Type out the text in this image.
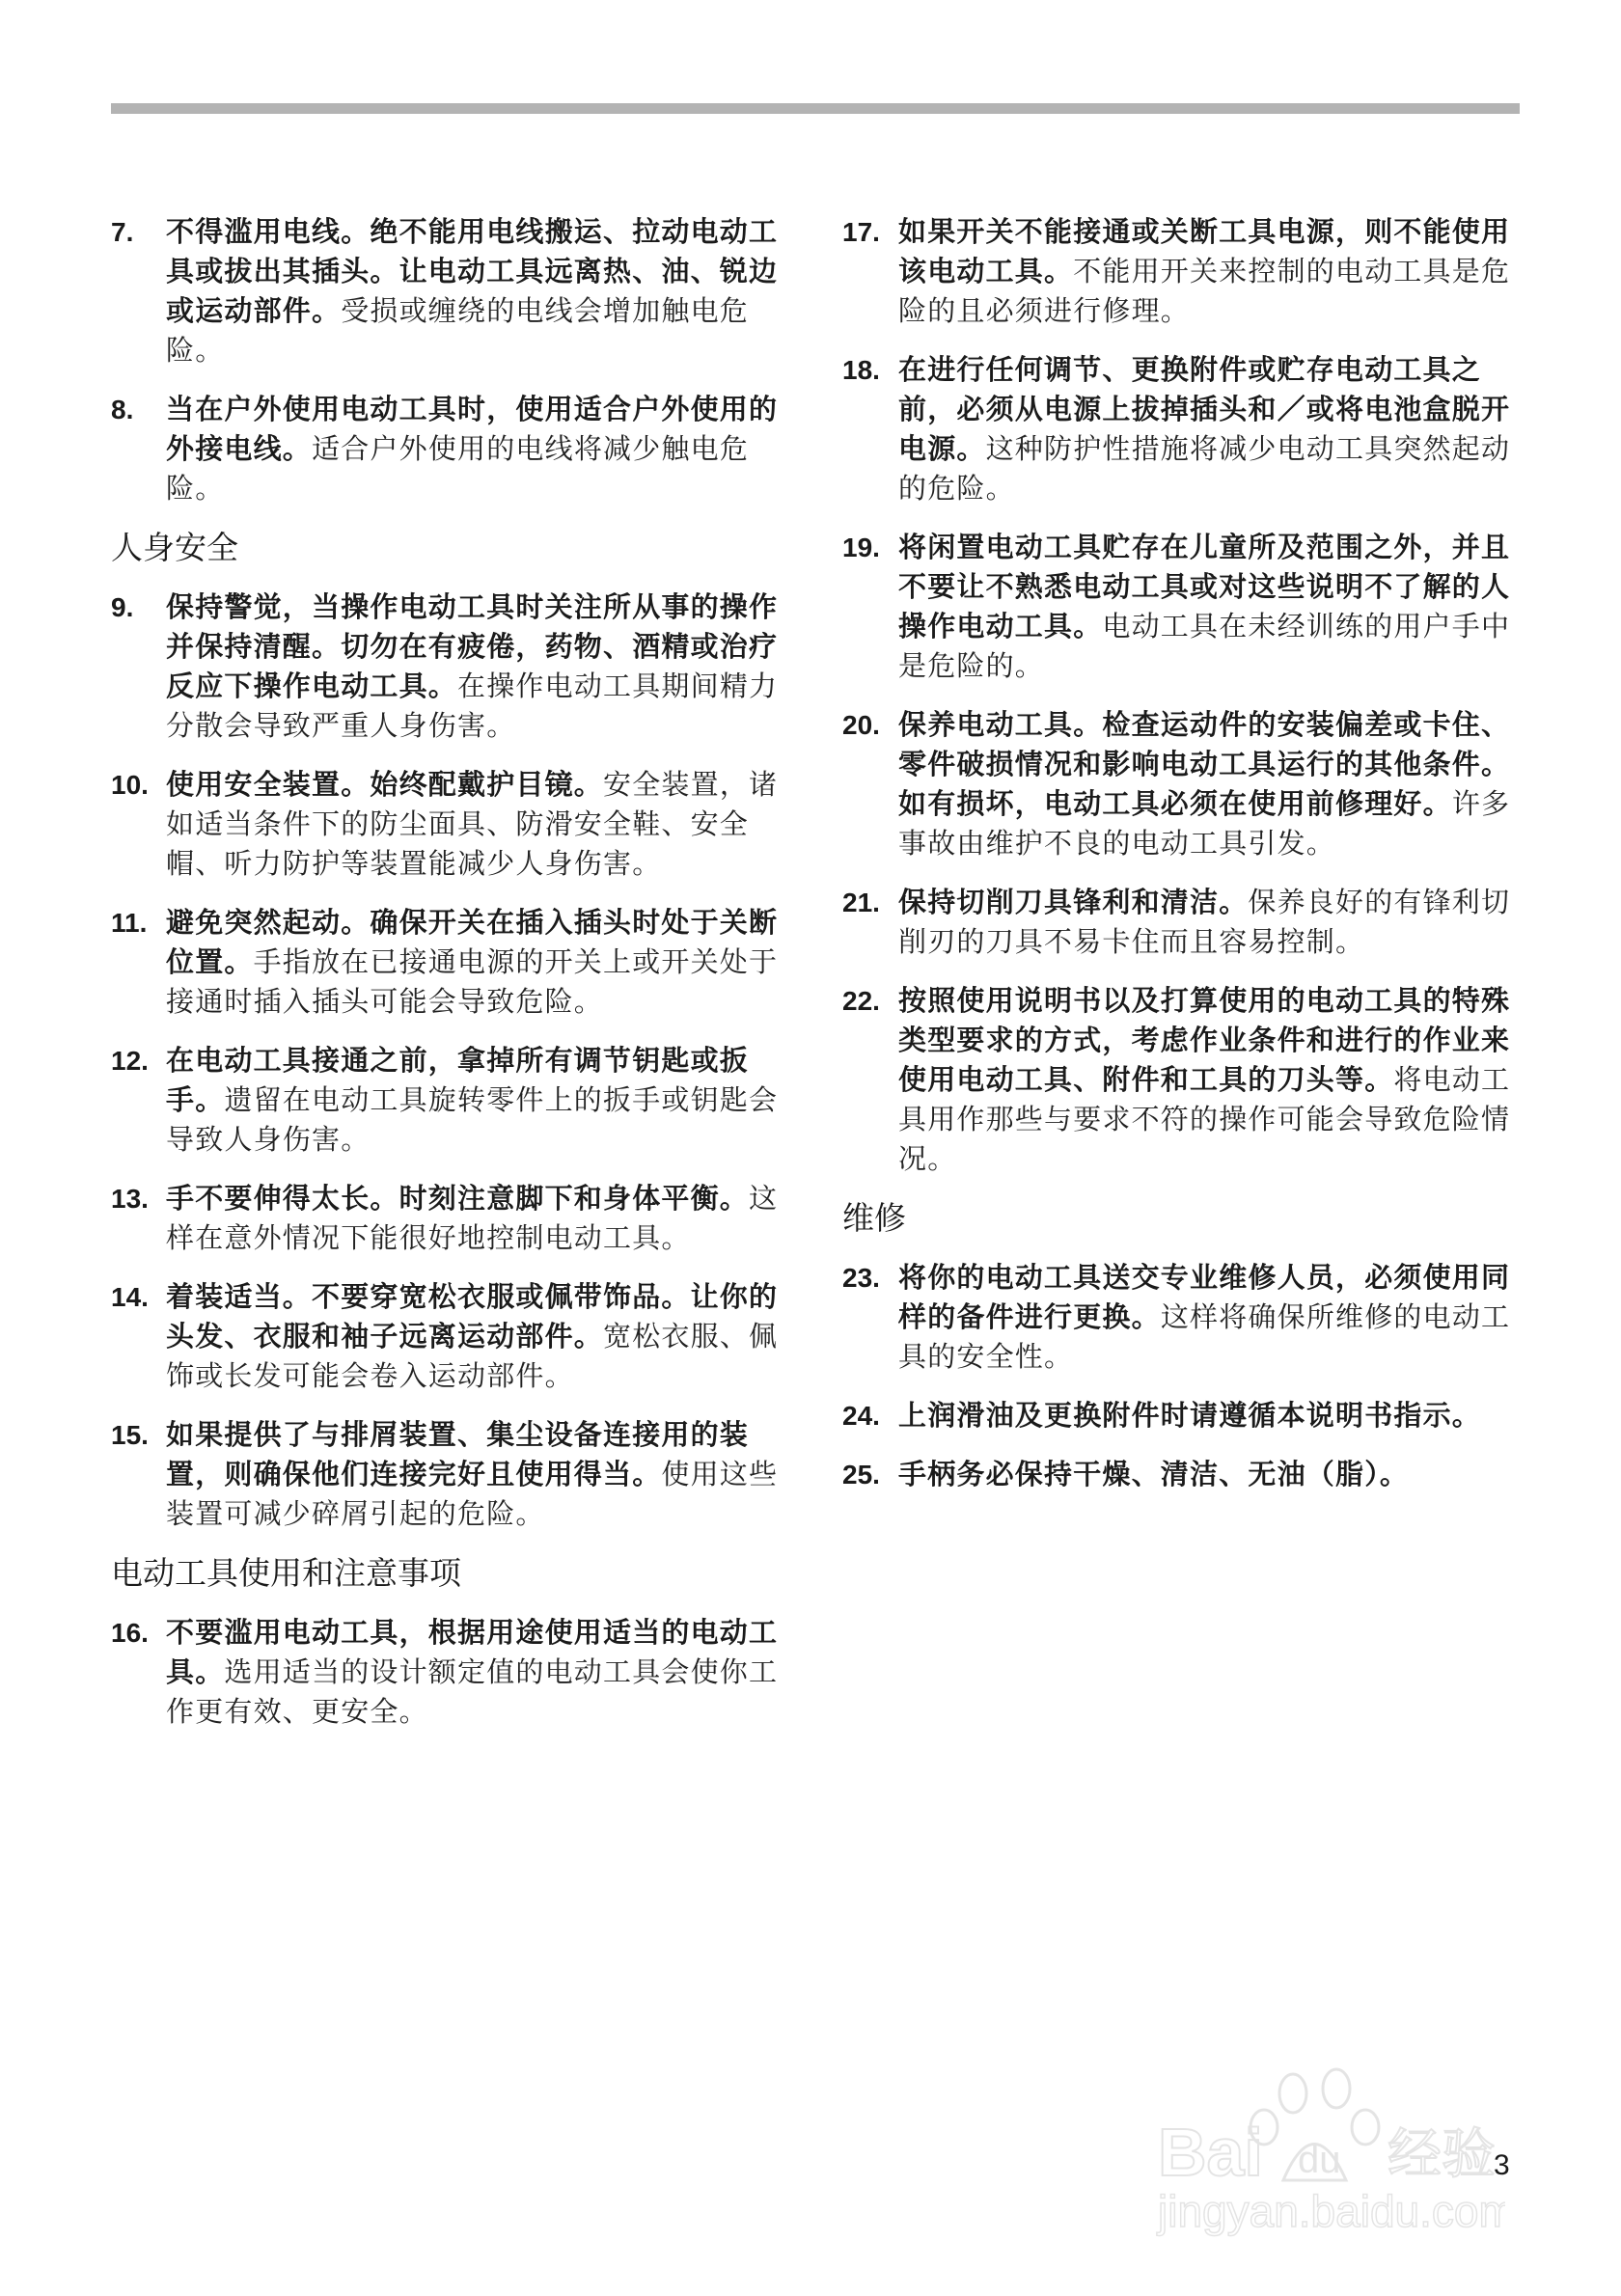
7. 不得滥用电线。绝不能用电线搬运、拉动电动工具或拔出其插头。让电动工具远离热、油、锐边或运动部件。受损或缠绕的电线会增加触电危险。
8. 当在户外使用电动工具时，使用适合户外使用的外接电线。适合户外使用的电线将减少触电危险。
人身安全
9. 保持警觉，当操作电动工具时关注所从事的操作并保持清醒。切勿在有疲倦，药物、酒精或治疗反应下操作电动工具。在操作电动工具期间精力分散会导致严重人身伤害。
10. 使用安全装置。始终配戴护目镜。安全装置，诸如适当条件下的防尘面具、防滑安全鞋、安全帽、听力防护等装置能减少人身伤害。
11. 避免突然起动。确保开关在插入插头时处于关断位置。手指放在已接通电源的开关上或开关处于接通时插入插头可能会导致危险。
12. 在电动工具接通之前，拿掉所有调节钥匙或扳手。遗留在电动工具旋转零件上的扳手或钥匙会导致人身伤害。
13. 手不要伸得太长。时刻注意脚下和身体平衡。这样在意外情况下能很好地控制电动工具。
14. 着装适当。不要穿宽松衣服或佩带饰品。让你的头发、衣服和袖子远离运动部件。宽松衣服、佩饰或长发可能会卷入运动部件。
15. 如果提供了与排屑装置、集尘设备连接用的装置，则确保他们连接完好且使用得当。使用这些装置可减少碎屑引起的危险。
电动工具使用和注意事项
16. 不要滥用电动工具，根据用途使用适当的电动工具。选用适当的设计额定值的电动工具会使你工作更有效、更安全。
17. 如果开关不能接通或关断工具电源，则不能使用该电动工具。不能用开关来控制的电动工具是危险的且必须进行修理。
18. 在进行任何调节、更换附件或贮存电动工具之前，必须从电源上拔掉插头和／或将电池盒脱开电源。这种防护性措施将减少电动工具突然起动的危险。
19. 将闲置电动工具贮存在儿童所及范围之外，并且不要让不熟悉电动工具或对这些说明不了解的人操作电动工具。电动工具在未经训练的用户手中是危险的。
20. 保养电动工具。检查运动件的安装偏差或卡住、零件破损情况和影响电动工具运行的其他条件。如有损坏，电动工具必须在使用前修理好。许多事故由维护不良的电动工具引发。
21. 保持切削刀具锋利和清洁。保养良好的有锋利切削刃的刀具不易卡住而且容易控制。
22. 按照使用说明书以及打算使用的电动工具的特殊类型要求的方式，考虑作业条件和进行的作业来使用电动工具、附件和工具的刀头等。将电动工具用作那些与要求不符的操作可能会导致危险情况。
维修
23. 将你的电动工具送交专业维修人员，必须使用同样的备件进行更换。这样将确保所维修的电动工具的安全性。
24. 上润滑油及更换附件时请遵循本说明书指示。
25. 手柄务必保持干燥、清洁、无油（脂）。
Bai du 经验
jingyan.baidu.com
3
